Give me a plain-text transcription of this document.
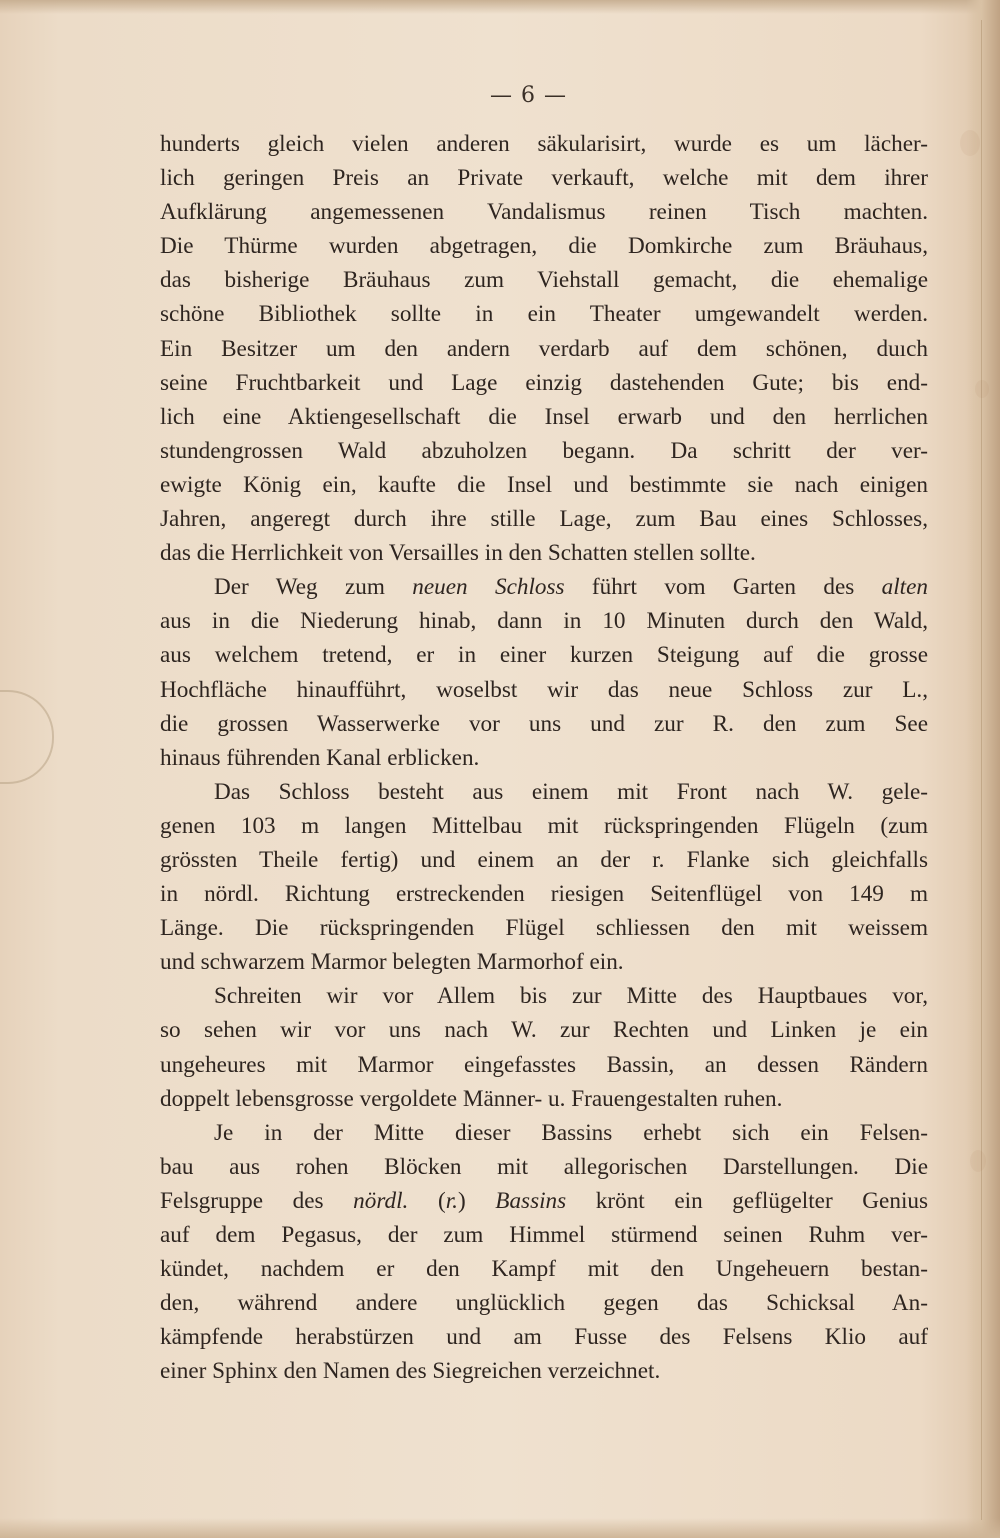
— 6 —
hunderts gleich vielen anderen säkularisirt, wurde es um lächer-
lich geringen Preis an Private verkauft, welche mit dem ihrer
Aufklärung angemessenen Vandalismus reinen Tisch machten.
Die Thürme wurden abgetragen, die Domkirche zum Bräuhaus,
das bisherige Bräuhaus zum Viehstall gemacht, die ehemalige
schöne Bibliothek sollte in ein Theater umgewandelt werden.
Ein Besitzer um den andern verdarb auf dem schönen, duıch
seine Fruchtbarkeit und Lage einzig dastehenden Gute; bis end-
lich eine Aktiengesellschaft die Insel erwarb und den herrlichen
stundengrossen Wald abzuholzen begann. Da schritt der ver-
ewigte König ein, kaufte die Insel und bestimmte sie nach einigen
Jahren, angeregt durch ihre stille Lage, zum Bau eines Schlosses,
das die Herrlichkeit von Versailles in den Schatten stellen sollte.
Der Weg zum neuen Schloss führt vom Garten des alten
aus in die Niederung hinab, dann in 10 Minuten durch den Wald,
aus welchem tretend, er in einer kurzen Steigung auf die grosse
Hochfläche hinaufführt, woselbst wir das neue Schloss zur L.,
die grossen Wasserwerke vor uns und zur R. den zum See
hinaus führenden Kanal erblicken.
Das Schloss besteht aus einem mit Front nach W. gele-
genen 103 m langen Mittelbau mit rückspringenden Flügeln (zum
grössten Theile fertig) und einem an der r. Flanke sich gleichfalls
in nördl. Richtung erstreckenden riesigen Seitenflügel von 149 m
Länge. Die rückspringenden Flügel schliessen den mit weissem
und schwarzem Marmor belegten Marmorhof ein.
Schreiten wir vor Allem bis zur Mitte des Hauptbaues vor,
so sehen wir vor uns nach W. zur Rechten und Linken je ein
ungeheures mit Marmor eingefasstes Bassin, an dessen Rändern
doppelt lebensgrosse vergoldete Männer- u. Frauengestalten ruhen.
Je in der Mitte dieser Bassins erhebt sich ein Felsen-
bau aus rohen Blöcken mit allegorischen Darstellungen. Die
Felsgruppe des nördl. (r.) Bassins krönt ein geflügelter Genius
auf dem Pegasus, der zum Himmel stürmend seinen Ruhm ver-
kündet, nachdem er den Kampf mit den Ungeheuern bestan-
den, während andere unglücklich gegen das Schicksal An-
kämpfende herabstürzen und am Fusse des Felsens Klio auf
einer Sphinx den Namen des Siegreichen verzeichnet.
